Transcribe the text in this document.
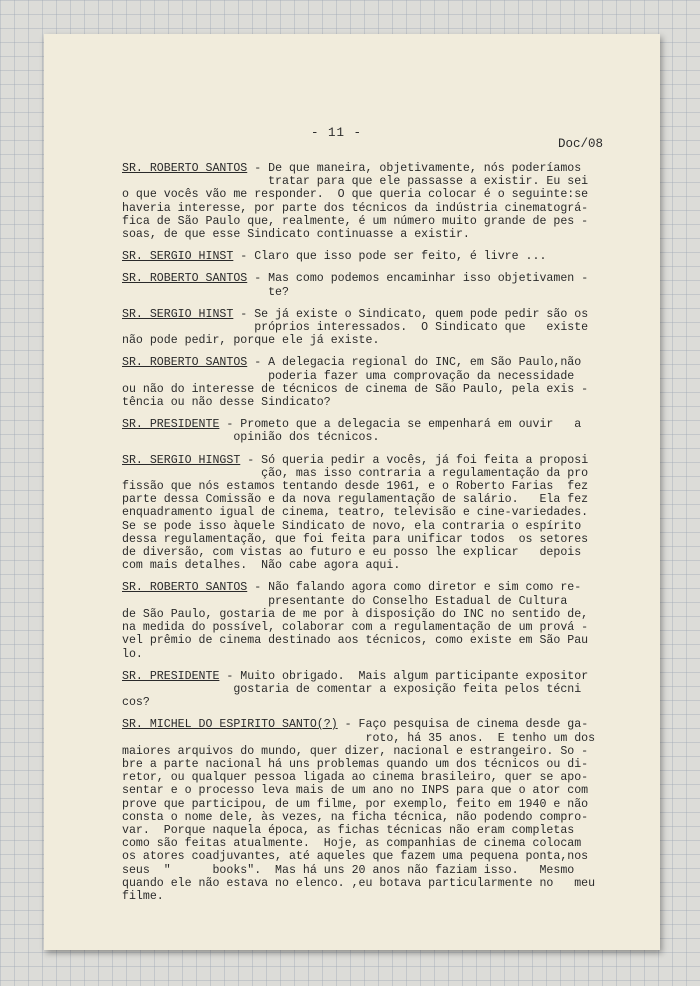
- 11 -
Doc/08
SR. ROBERTO SANTOS - De que maneira, objetivamente, nós poderíamos
tratar para que ele passasse a existir. Eu sei
o que vocês vão me responder.  O que queria colocar é o seguinte:se
haveria interesse, por parte dos técnicos da indústria cinematográ-
fica de São Paulo que, realmente, é um número muito grande de pes -
soas, de que esse Sindicato continuasse a existir.
SR. SERGIO HINST - Claro que isso pode ser feito, é livre ...
SR. ROBERTO SANTOS - Mas como podemos encaminhar isso objetivamen -
te?
SR. SERGIO HINST - Se já existe o Sindicato, quem pode pedir são os
próprios interessados.  O Sindicato que   existe
não pode pedir, porque ele já existe.
SR. ROBERTO SANTOS - A delegacia regional do INC, em São Paulo,não
poderia fazer uma comprovação da necessidade
ou não do interesse de técnicos de cinema de São Paulo, pela exis -
tência ou não desse Sindicato?
SR. PRESIDENTE - Prometo que a delegacia se empenhará em ouvir   a
opinião dos técnicos.
SR. SERGIO HINGST - Só queria pedir a vocês, já foi feita a proposi
ção, mas isso contraria a regulamentação da pro
fissão que nós estamos tentando desde 1961, e o Roberto Farias  fez
parte dessa Comissão e da nova regulamentação de salário.   Ela fez
enquadramento igual de cinema, teatro, televisão e cine-variedades.
Se se pode isso àquele Sindicato de novo, ela contraria o espírito
dessa regulamentação, que foi feita para unificar todos  os setores
de diversão, com vistas ao futuro e eu posso lhe explicar   depois
com mais detalhes.  Não cabe agora aqui.
SR. ROBERTO SANTOS - Não falando agora como diretor e sim como re-
presentante do Conselho Estadual de Cultura
de São Paulo, gostaria de me por à disposição do INC no sentido de,
na medida do possível, colaborar com a regulamentação de um prová -
vel prêmio de cinema destinado aos técnicos, como existe em São Pau
lo.
SR. PRESIDENTE - Muito obrigado.  Mais algum participante expositor
gostaria de comentar a exposição feita pelos técni
cos?
SR. MICHEL DO ESPIRITO SANTO(?) - Faço pesquisa de cinema desde ga-
roto, há 35 anos.  E tenho um dos
maiores arquivos do mundo, quer dizer, nacional e estrangeiro. So -
bre a parte nacional há uns problemas quando um dos técnicos ou di-
retor, ou qualquer pessoa ligada ao cinema brasileiro, quer se apo-
sentar e o processo leva mais de um ano no INPS para que o ator com
prove que participou, de um filme, por exemplo, feito em 1940 e não
consta o nome dele, às vezes, na ficha técnica, não podendo compro-
var.  Porque naquela época, as fichas técnicas não eram completas
como são feitas atualmente.  Hoje, as companhias de cinema colocam
os atores coadjuvantes, até aqueles que fazem uma pequena ponta,nos
seus  "      books".  Mas há uns 20 anos não faziam isso.   Mesmo
quando ele não estava no elenco. ,eu botava particularmente no   meu
filme.
